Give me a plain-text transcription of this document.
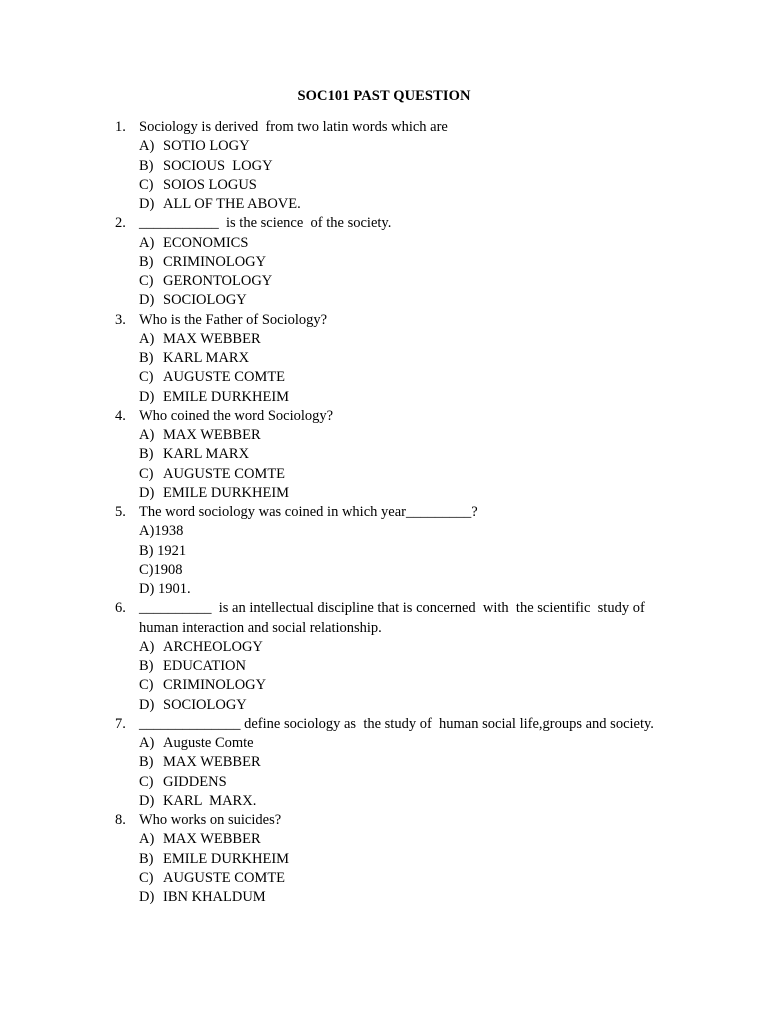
SOC101 PAST QUESTION
1. Sociology is derived  from two latin words which are
A) SOTIO LOGY
B) SOCIOUS  LOGY
C) SOIOS LOGUS
D) ALL OF THE ABOVE.
2. ___________  is the science  of the society.
A) ECONOMICS
B) CRIMINOLOGY
C) GERONTOLOGY
D) SOCIOLOGY
3. Who is the Father of Sociology?
A) MAX WEBBER
B) KARL MARX
C) AUGUSTE COMTE
D) EMILE DURKHEIM
4. Who coined the word Sociology?
A) MAX WEBBER
B) KARL MARX
C) AUGUSTE COMTE
D) EMILE DURKHEIM
5. The word sociology was coined in which year_________?
A)1938
B) 1921
C)1908
D) 1901.
6. __________  is an intellectual discipline that is concerned  with  the scientific  study of human interaction and social relationship.
A) ARCHEOLOGY
B) EDUCATION
C) CRIMINOLOGY
D) SOCIOLOGY
7. ______________ define sociology as  the study of  human social life,groups and society.
A) Auguste Comte
B) MAX WEBBER
C) GIDDENS
D) KARL  MARX.
8. Who works on suicides?
A) MAX WEBBER
B) EMILE DURKHEIM
C) AUGUSTE COMTE
D) IBN KHALDUM
